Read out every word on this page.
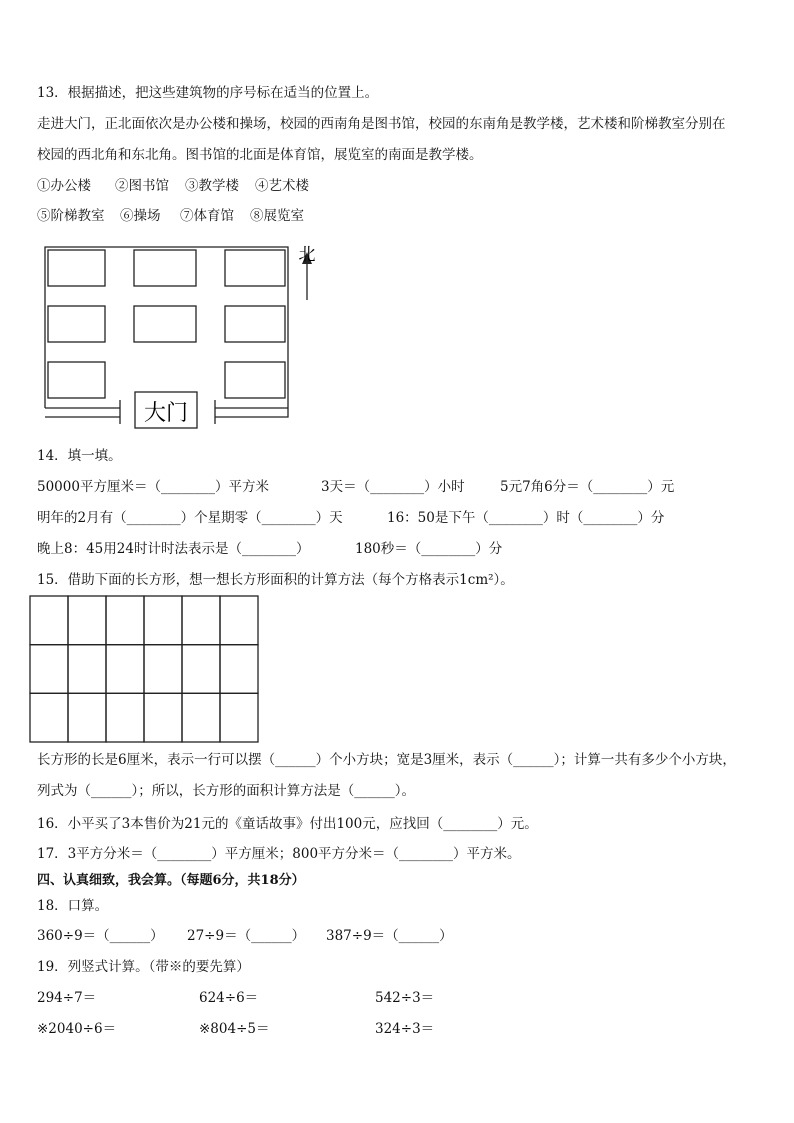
13．根据描述，把这些建筑物的序号标在适当的位置上。
走进大门，正北面依次是办公楼和操场，校园的西南角是图书馆，校园的东南角是教学楼，艺术楼和阶梯教室分别在
校园的西北角和东北角。图书馆的北面是体育馆，展览室的南面是教学楼。
①办公楼 ②图书馆 ③教学楼 ④艺术楼
⑤阶梯教室 ⑥操场 ⑦体育馆 ⑧展览室
大门
北
14．填一填。
50000平方厘米＝（________）平方米	3天＝（________）小时	5元7角6分＝（________）元
明年的2月有（________）个星期零（________）天	16：50是下午（________）时（________）分
晚上8：45用24时计时法表示是（________）	180秒＝（________）分
15．借助下面的长方形，想一想长方形面积的计算方法（每个方格表示1cm²）。
长方形的长是6厘米，表示一行可以摆（______）个小方块；宽是3厘米，表示（______）；计算一共有多少个小方块，
列式为（______）；所以，长方形的面积计算方法是（______）。
16．小平买了3本售价为21元的《童话故事》付出100元，应找回（________）元。
17．3平方分米＝（________）平方厘米；800平方分米＝（________）平方米。
四、认真细致，我会算。（每题6分，共18分）
18．口算。
360÷9＝（______） 27÷9＝（______） 387÷9＝（______）
19．列竖式计算。（带※的要先算）
294÷7＝	624÷6＝	542÷3＝
※2040÷6＝	※804÷5＝	324÷3＝
